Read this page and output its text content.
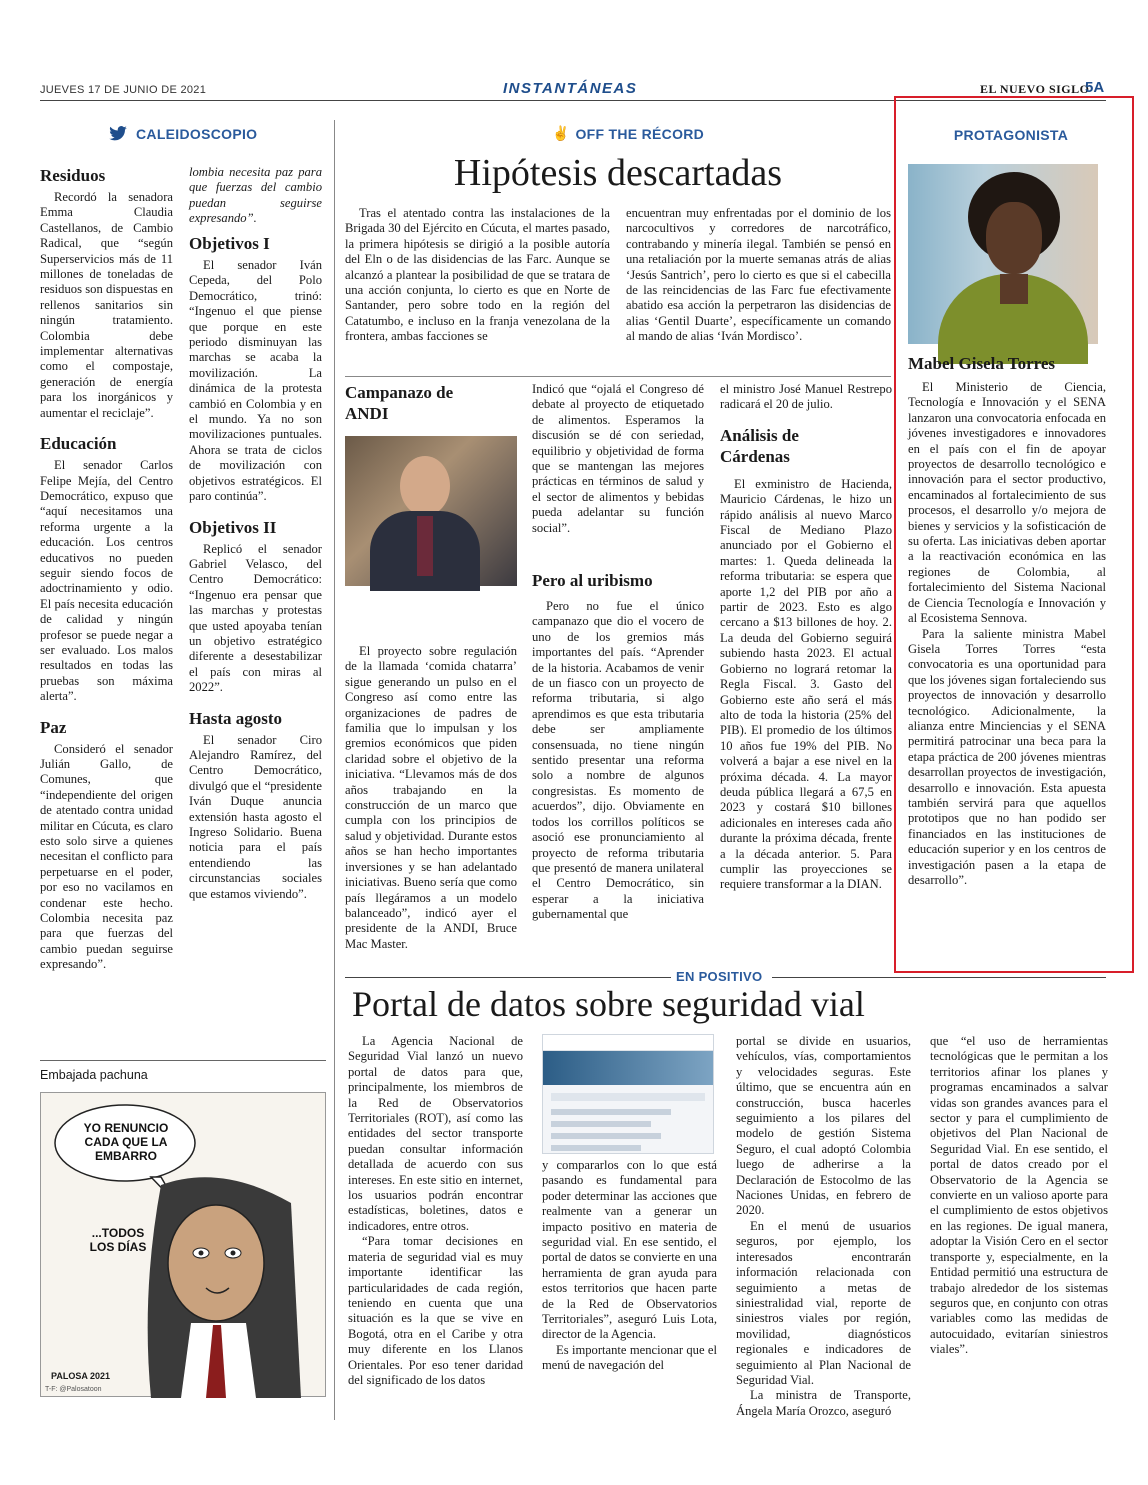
JUEVES 17 DE JUNIO DE 2021	INSTANTÁNEAS	EL NUEVO SIGLO
5A
CALEIDOSCOPIO
Residuos

Recordó la senadora Emma Claudia Castellanos, de Cambio Radical, que “según Superservicios más de 11 millones de toneladas de residuos son dispuestas en rellenos sanitarios sin ningún tratamiento. Colombia debe implementar alternativas como el compostaje, generación de energía para los inorgánicos y aumentar el reciclaje”.

Educación

El senador Carlos Felipe Mejía, del Centro Democrático, expuso que “aquí necesitamos una reforma urgente a la educación. Los centros educativos no pueden seguir siendo focos de adoctrinamiento y odio. El país necesita educación de calidad y ningún profesor se puede negar a ser evaluado. Los malos resultados en todas las pruebas son máxima alerta”.

Paz

Consideró el senador Julián Gallo, de Comunes, que “independiente del origen de atentado contra unidad militar en Cúcuta, es claro esto solo sirve a quienes necesitan el conflicto para perpetuarse en el poder, por eso no vacilamos en condenar este hecho. Colombia necesita paz para que fuerzas del cambio puedan seguirse expresando”.

lombia necesita paz para que fuerzas del cambio puedan seguirse expresando”.
Objetivos I

El senador Iván Cepeda, del Polo Democrático, trinó: “Ingenuo el que piense que porque en este periodo disminuyan las marchas se acaba la movilización. La dinámica de la protesta cambió en Colombia y en el mundo. Ya no son movilizaciones puntuales. Ahora se trata de ciclos de movilización con objetivos estratégicos. El paro continúa”.

Objetivos II

Replicó el senador Gabriel Velasco, del Centro Democrático: “Ingenuo era pensar que las marchas y protestas que usted apoyaba tenían un objetivo estratégico diferente a desestabilizar el país con miras al 2022”.

Hasta agosto

El senador Ciro Alejandro Ramírez, del Centro Democrático, divulgó que el “presidente Iván Duque anuncia extensión hasta agosto el Ingreso Solidario. Buena noticia para el país entendiendo las circunstancias sociales que estamos viviendo”.

Embajada pachuna
YO RENUNCIO CADA QUE LA EMBARRO
...TODOS LOS DÍAS
PALOSA 2021
T-F: @Palosatoon
✌ OFF THE RÉCORD
Hipótesis descartadas

Tras el atentado contra las instalaciones de la Brigada 30 del Ejército en Cúcuta, el martes pasado, la primera hipótesis se dirigió a la posible autoría del Eln o de las disidencias de las Farc. Aunque se alcanzó a plantear la posibilidad de que se tratara de una acción conjunta, lo cierto es que en Norte de Santander, pero sobre todo en la región del Catatumbo, e incluso en la franja venezolana de la frontera, ambas facciones se

encuentran muy enfrentadas por el dominio de los narcocultivos y corredores de narcotráfico, contrabando y minería ilegal. También se pensó en una retaliación por la muerte semanas atrás de alias ‘Jesús Santrich’, pero lo cierto es que si el cabecilla de las reincidencias de las Farc fue efectivamente abatido esa acción la perpetraron las disidencias de alias ‘Gentil Duarte’, específicamente un comando al mando de alias ‘Iván Mordisco’.

Campanazo de ANDI

El proyecto sobre regulación de la llamada ‘comida chatarra’ sigue generando un pulso en el Congreso así como entre las organizaciones de padres de familia que lo impulsan y los gremios económicos que piden claridad sobre el objetivo de la iniciativa. “Llevamos más de dos años trabajando en la construcción de un marco que cumpla con los principios de salud y objetividad. Durante estos años se han hecho importantes inversiones y se han adelantado iniciativas. Bueno sería que como país llegáramos a un modelo balanceado”, indicó ayer el presidente de la ANDI, Bruce Mac Master.

Indicó que “ojalá el Congreso dé debate al proyecto de etiquetado de alimentos. Esperamos la discusión se dé con seriedad, equilibrio y objetividad de forma que se mantengan las mejores prácticas en términos de salud y el sector de alimentos y bebidas pueda adelantar su función social”.

Pero al uribismo

Pero no fue el único campanazo que dio el vocero de uno de los gremios más importantes del país. “Aprender de la historia. Acabamos de venir de un fiasco con un proyecto de reforma tributaria, si algo aprendimos es que esta tributaria debe ser ampliamente consensuada, no tiene ningún sentido presentar una reforma solo a nombre de algunos congresistas. Es momento de acuerdos”, dijo. Obviamente en todos los corrillos políticos se asoció ese pronunciamiento al proyecto de reforma tributaria que presentó de manera unilateral el Centro Democrático, sin esperar a la iniciativa gubernamental que

el ministro José Manuel Restrepo radicará el 20 de julio.

Análisis de Cárdenas

El exministro de Hacienda, Mauricio Cárdenas, le hizo un rápido análisis al nuevo Marco Fiscal de Mediano Plazo anunciado por el Gobierno el martes: 1. Queda delineada la reforma tributaria: se espera que aporte 1,2 del PIB por año a partir de 2023. Esto es algo cercano a $13 billones de hoy. 2. La deuda del Gobierno seguirá subiendo hasta 2023. El actual Gobierno no logrará retomar la Regla Fiscal. 3. Gasto del Gobierno este año será el más alto de toda la historia (25% del PIB). El promedio de los últimos 10 años fue 19% del PIB. No volverá a bajar a ese nivel en la próxima década. 4. La mayor deuda pública llegará a 67,5 en 2023 y costará $10 billones adicionales en intereses cada año durante la próxima década, frente a la década anterior. 5. Para cumplir las proyecciones se requiere transformar a la DIAN.

PROTAGONISTA
Mabel Gisela Torres

El Ministerio de Ciencia, Tecnología e Innovación y el SENA lanzaron una convocatoria enfocada en jóvenes investigadores e innovadores en el país con el fin de apoyar proyectos de desarrollo tecnológico e innovación para el sector productivo, encaminados al fortalecimiento de sus procesos, el desarrollo y/o mejora de bienes y servicios y la sofisticación de su oferta. Las iniciativas deben aportar a la reactivación económica en las regiones de Colombia, al fortalecimiento del Sistema Nacional de Ciencia Tecnología e Innovación y al Ecosistema Sennova.

Para la saliente ministra Mabel Gisela Torres Torres “esta convocatoria es una oportunidad para que los jóvenes sigan fortaleciendo sus proyectos de innovación y desarrollo tecnológico. Adicionalmente, la alianza entre Minciencias y el SENA permitirá patrocinar una beca para la etapa práctica de 200 jóvenes mientras desarrollan proyectos de investigación, desarrollo e innovación. Esta apuesta también servirá para que aquellos prototipos que no han podido ser financiados en las instituciones de educación superior y en los centros de investigación pasen a la etapa de desarrollo”.

EN POSITIVO
Portal de datos sobre seguridad vial

La Agencia Nacional de Seguridad Vial lanzó un nuevo portal de datos para que, principalmente, los miembros de la Red de Observatorios Territoriales (ROT), así como las entidades del sector transporte puedan consultar información detallada de acuerdo con sus intereses. En este sitio en internet, los usuarios podrán encontrar estadísticas, boletines, datos e indicadores, entre otros.

“Para tomar decisiones en materia de seguridad vial es muy importante identificar las particularidades de cada región, teniendo en cuenta que una situación es la que se vive en Bogotá, otra en el Caribe y otra muy diferente en los Llanos Orientales. Por eso tener daridad del significado de los datos

y compararlos con lo que está pasando es fundamental para poder determinar las acciones que realmente van a generar un impacto positivo en materia de seguridad vial. En ese sentido, el portal de datos se convierte en una herramienta de gran ayuda para estos territorios que hacen parte de la Red de Observatorios Territoriales”, aseguró Luis Lota, director de la Agencia.

Es importante mencionar que el menú de navegación del

portal se divide en usuarios, vehículos, vías, comportamientos y velocidades seguras. Este último, que se encuentra aún en construcción, busca hacerles seguimiento a los pilares del modelo de gestión Sistema Seguro, el cual adoptó Colombia luego de adherirse a la Declaración de Estocolmo de las Naciones Unidas, en febrero de 2020.

En el menú de usuarios seguros, por ejemplo, los interesados encontrarán información relacionada con seguimiento a metas de siniestralidad vial, reporte de siniestros viales por región, movilidad, diagnósticos regionales e indicadores de seguimiento al Plan Nacional de Seguridad Vial.

La ministra de Transporte, Ángela María Orozco, aseguró

que “el uso de herramientas tecnológicas que le permitan a los territorios afinar los planes y programas encaminados a salvar vidas son grandes avances para el sector y para el cumplimiento de objetivos del Plan Nacional de Seguridad Vial. En ese sentido, el portal de datos creado por el Observatorio de la Agencia se convierte en un valioso aporte para el cumplimiento de estos objetivos en las regiones. De igual manera, adoptar la Visión Cero en el sector transporte y, especialmente, en la Entidad permitió una estructura de trabajo alrededor de los sistemas seguros que, en conjunto con otras variables como las medidas de autocuidado, evitarían siniestros viales”.
